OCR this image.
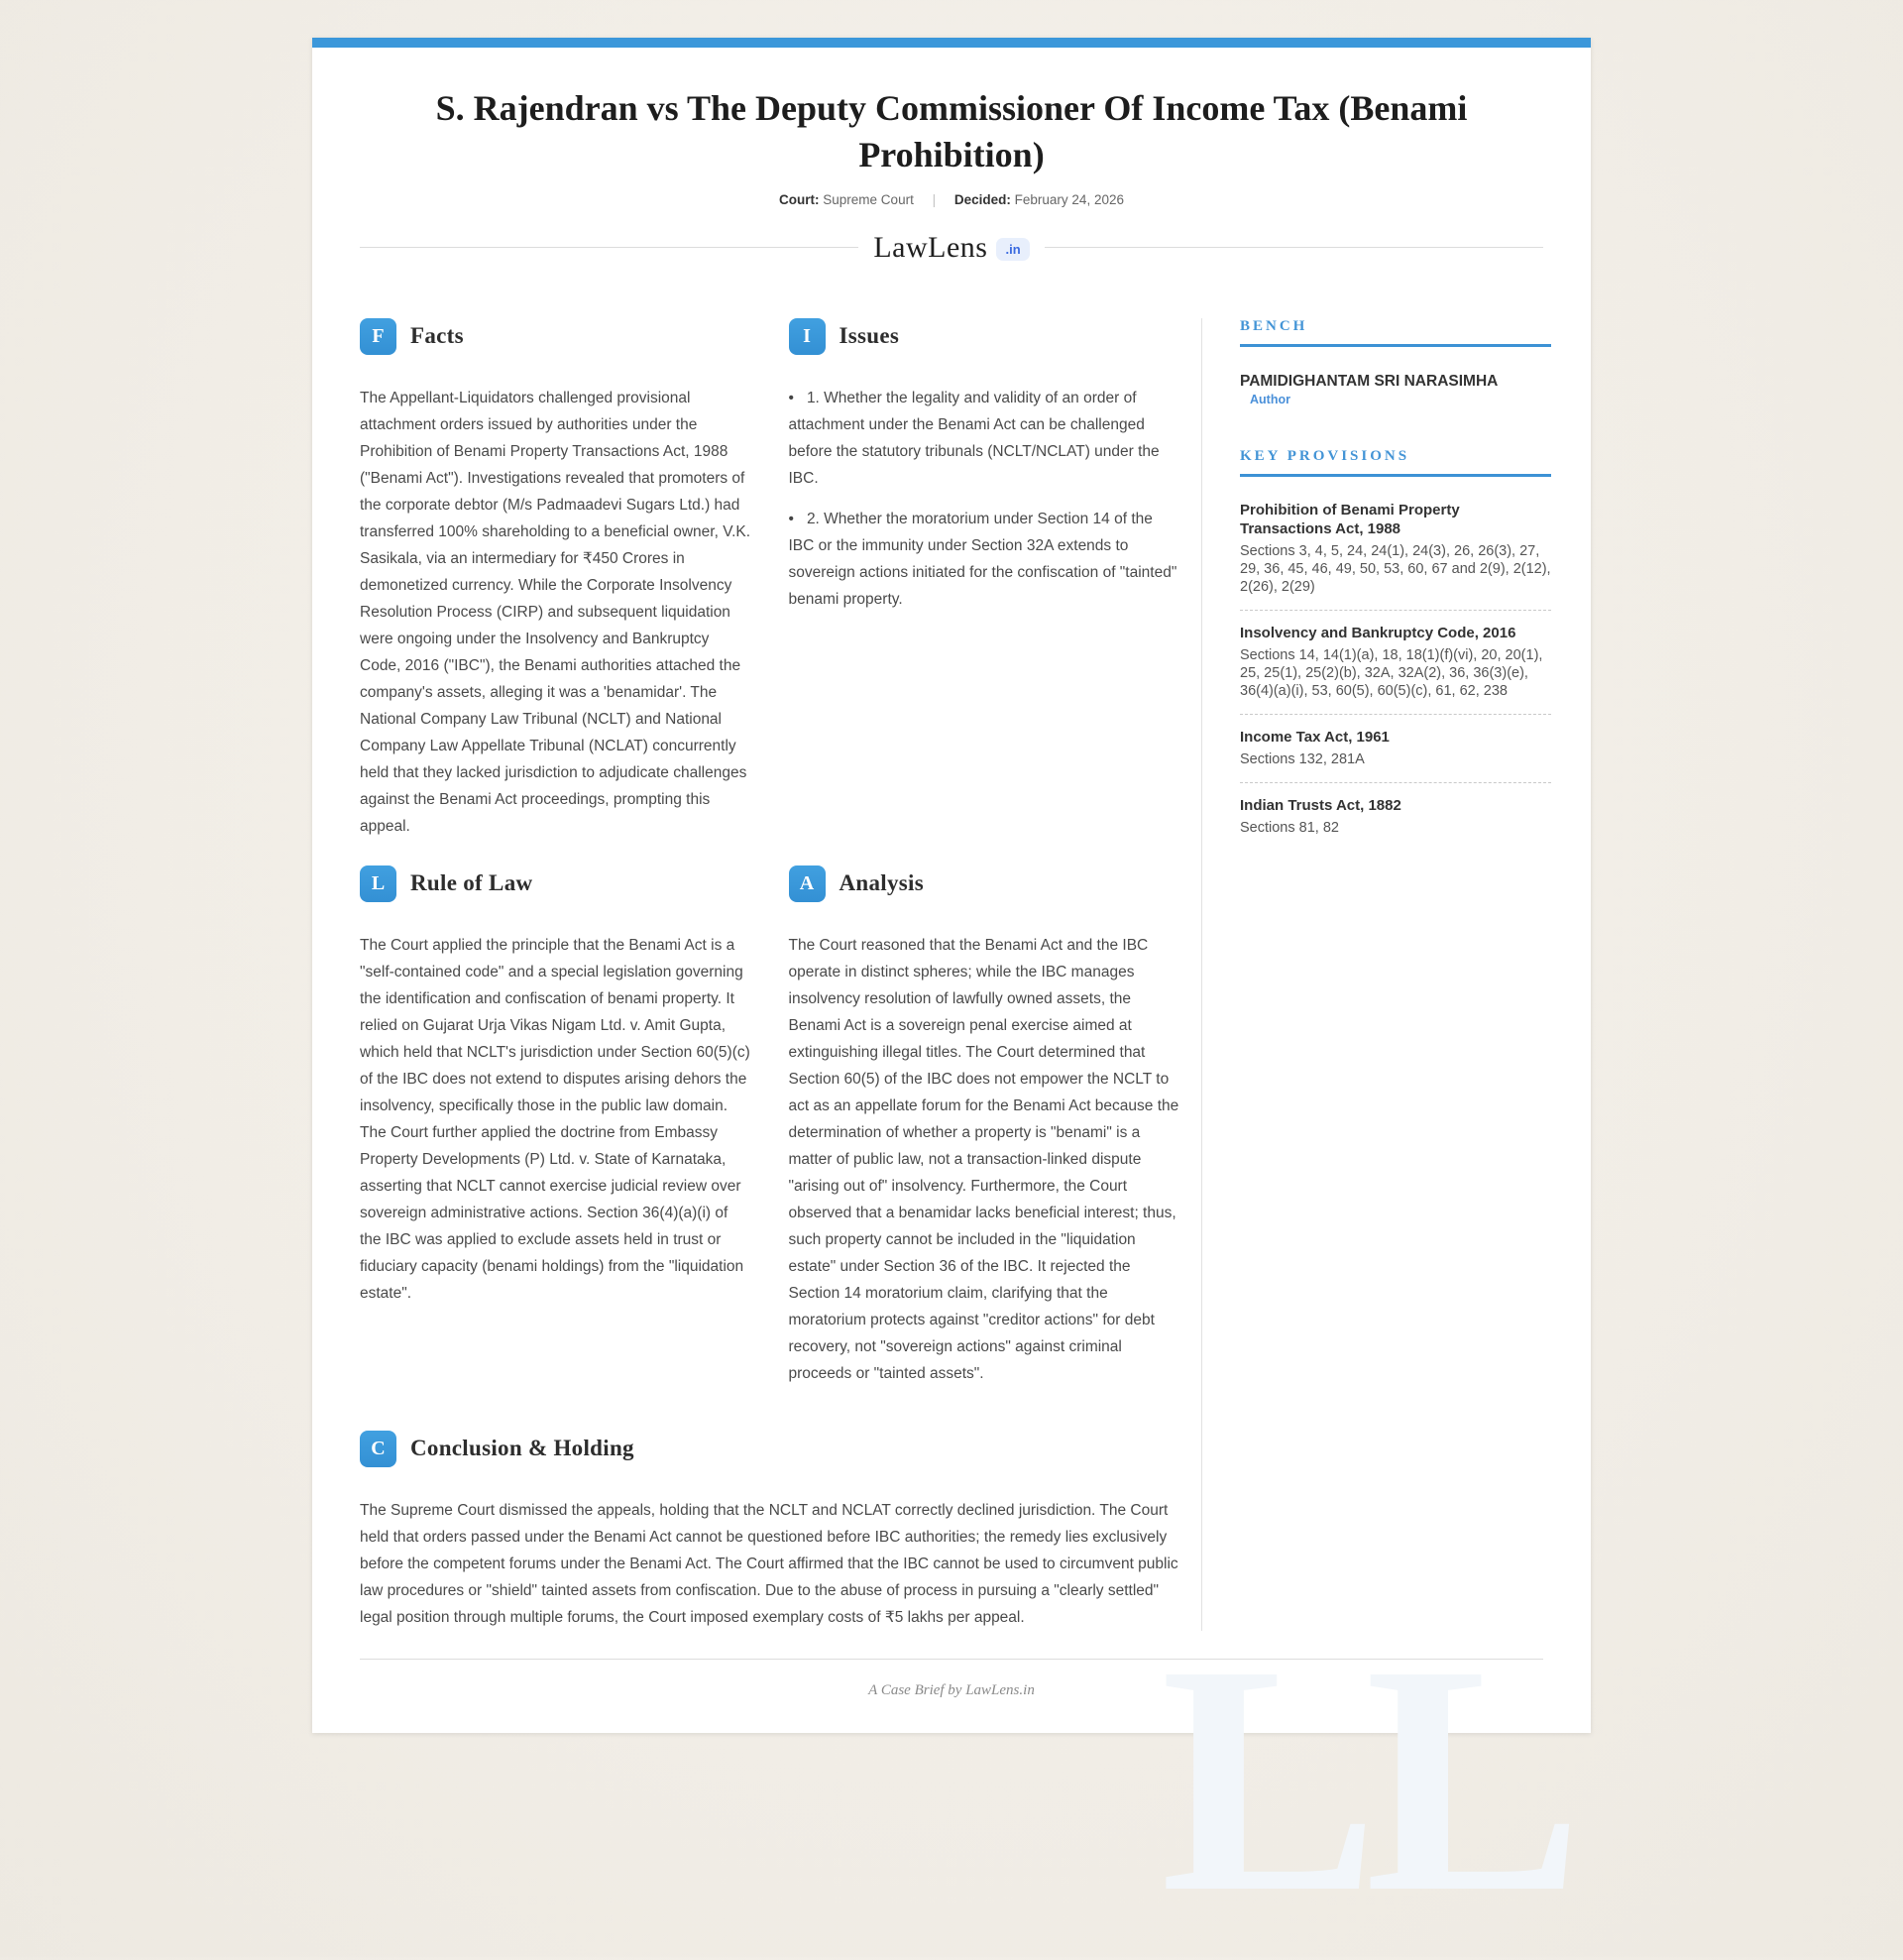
S. Rajendran vs The Deputy Commissioner Of Income Tax (Benami Prohibition)
Court: Supreme Court | Decided: February 24, 2026
LawLens	.in
F	Facts

The Appellant-Liquidators challenged provisional attachment orders issued by authorities under the Prohibition of Benami Property Transactions Act, 1988 ("Benami Act"). Investigations revealed that promoters of the corporate debtor (M/s Padmaadevi Sugars Ltd.) had transferred 100% shareholding to a beneficial owner, V.K. Sasikala, via an intermediary for ₹450 Crores in demonetized currency. While the Corporate Insolvency Resolution Process (CIRP) and subsequent liquidation were ongoing under the Insolvency and Bankruptcy Code, 2016 ("IBC"), the Benami authorities attached the company's assets, alleging it was a 'benamidar'. The National Company Law Tribunal (NCLT) and National Company Law Appellate Tribunal (NCLAT) concurrently held that they lacked jurisdiction to adjudicate challenges against the Benami Act proceedings, prompting this appeal.

I	Issues
• 1. Whether the legality and validity of an order of attachment under the Benami Act can be challenged before the statutory tribunals (NCLT/NCLAT) under the IBC.
• 2. Whether the moratorium under Section 14 of the IBC or the immunity under Section 32A extends to sovereign actions initiated for the confiscation of "tainted" benami property.
L	Rule of Law

The Court applied the principle that the Benami Act is a "self-contained code" and a special legislation governing the identification and confiscation of benami property. It relied on Gujarat Urja Vikas Nigam Ltd. v. Amit Gupta, which held that NCLT's jurisdiction under Section 60(5)(c) of the IBC does not extend to disputes arising dehors the insolvency, specifically those in the public law domain. The Court further applied the doctrine from Embassy Property Developments (P) Ltd. v. State of Karnataka, asserting that NCLT cannot exercise judicial review over sovereign administrative actions. Section 36(4)(a)(i) of the IBC was applied to exclude assets held in trust or fiduciary capacity (benami holdings) from the "liquidation estate".

A	Analysis

The Court reasoned that the Benami Act and the IBC operate in distinct spheres; while the IBC manages insolvency resolution of lawfully owned assets, the Benami Act is a sovereign penal exercise aimed at extinguishing illegal titles. The Court determined that Section 60(5) of the IBC does not empower the NCLT to act as an appellate forum for the Benami Act because the determination of whether a property is "benami" is a matter of public law, not a transaction-linked dispute "arising out of" insolvency. Furthermore, the Court observed that a benamidar lacks beneficial interest; thus, such property cannot be included in the "liquidation estate" under Section 36 of the IBC. It rejected the Section 14 moratorium claim, clarifying that the moratorium protects against "creditor actions" for debt recovery, not "sovereign actions" against criminal proceeds or "tainted assets".

C	Conclusion & Holding

The Supreme Court dismissed the appeals, holding that the NCLT and NCLAT correctly declined jurisdiction. The Court held that orders passed under the Benami Act cannot be questioned before IBC authorities; the remedy lies exclusively before the competent forums under the Benami Act. The Court affirmed that the IBC cannot be used to circumvent public law procedures or "shield" tainted assets from confiscation. Due to the abuse of process in pursuing a "clearly settled" legal position through multiple forums, the Court imposed exemplary costs of ₹5 lakhs per appeal.

BENCH
PAMIDIGHANTAM SRI NARASIMHA Author
KEY PROVISIONS

Prohibition of Benami Property Transactions Act, 1988

Sections 3, 4, 5, 24, 24(1), 24(3), 26, 26(3), 27, 29, 36, 45, 46, 49, 50, 53, 60, 67 and 2(9), 2(12), 2(26), 2(29)

Insolvency and Bankruptcy Code, 2016

Sections 14, 14(1)(a), 18, 18(1)(f)(vi), 20, 20(1), 25, 25(1), 25(2)(b), 32A, 32A(2), 36, 36(3)(e), 36(4)(a)(i), 53, 60(5), 60(5)(c), 61, 62, 238

Income Tax Act, 1961

Sections 132, 281A

Indian Trusts Act, 1882

Sections 81, 82

A Case Brief by LawLens.in LL
